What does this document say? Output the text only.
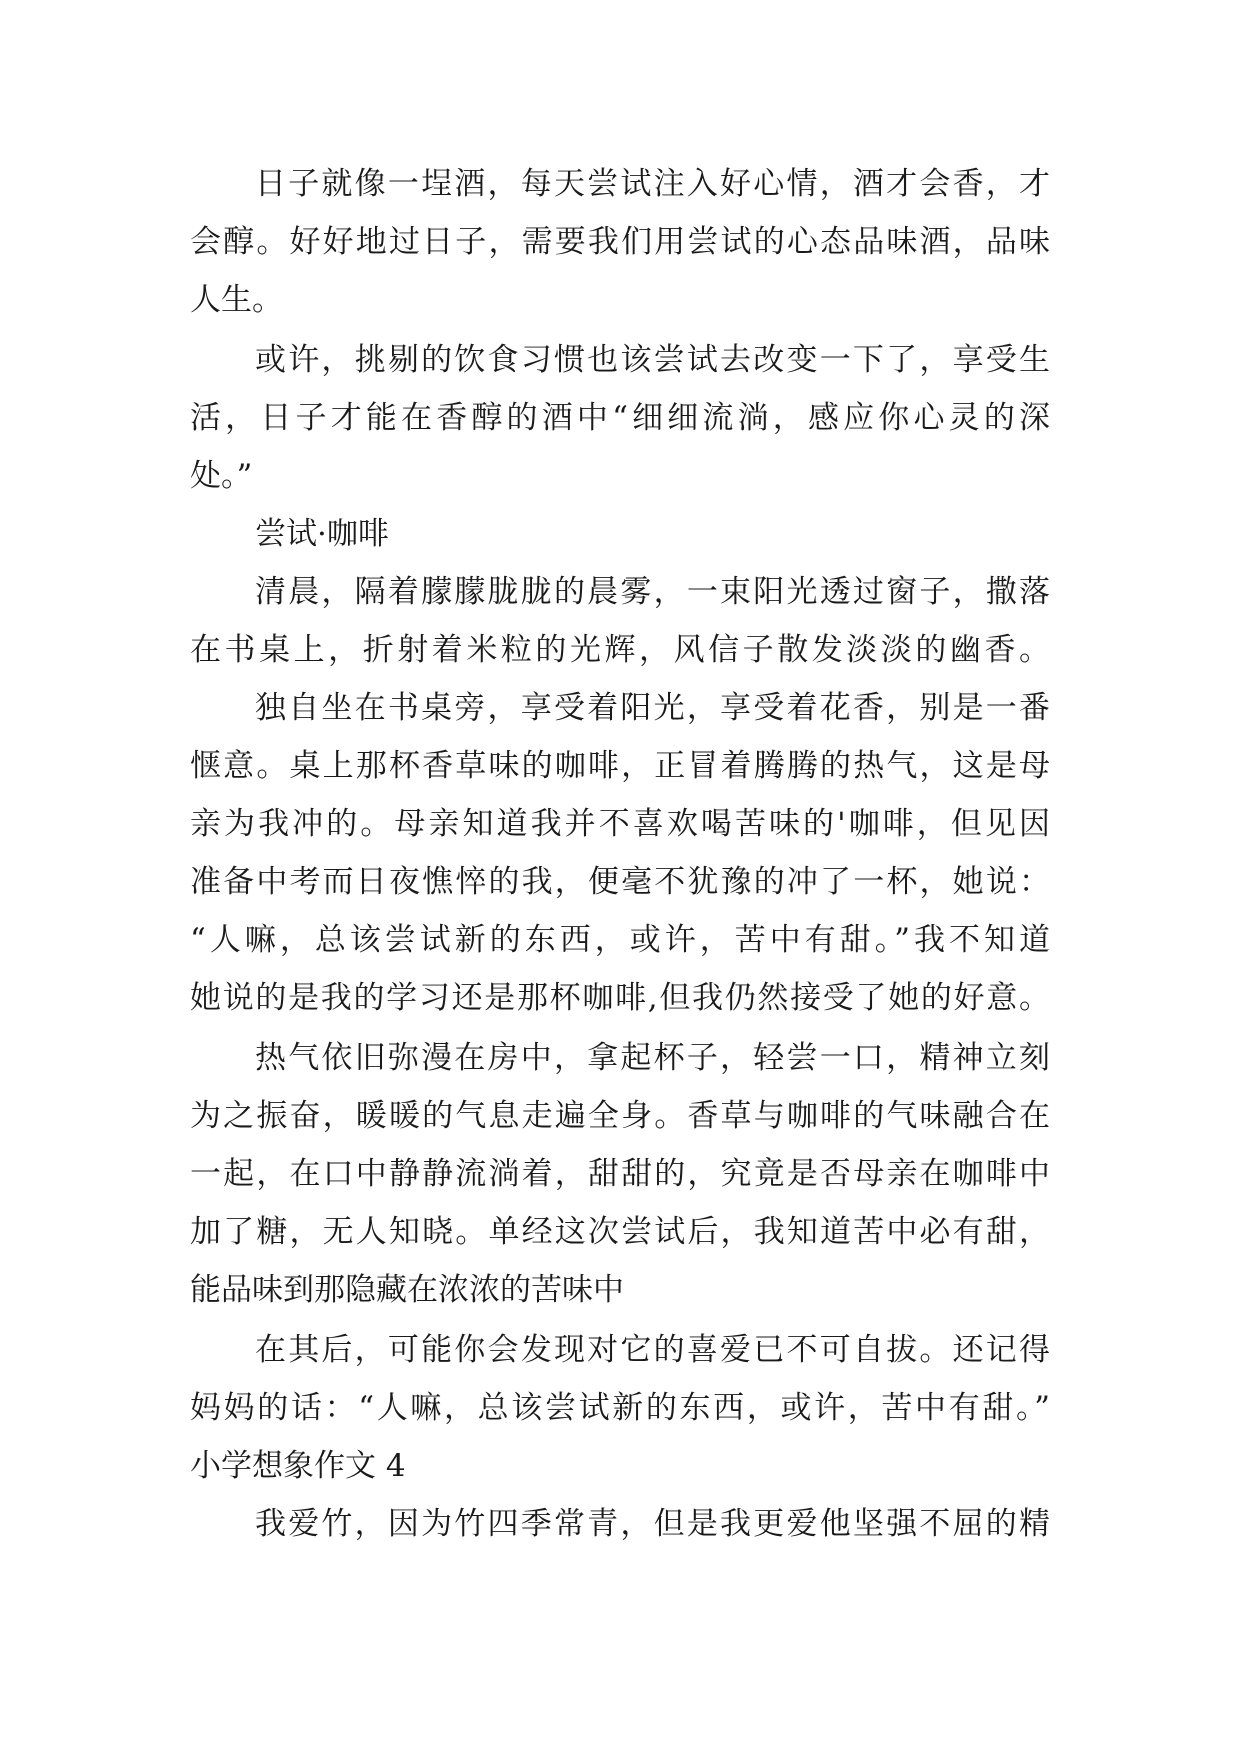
日子就像一埕酒，每天尝试注入好心情，酒才会香，才

会醇。好好地过日子，需要我们用尝试的心态品味酒，品味

人生。

或许，挑剔的饮食习惯也该尝试去改变一下了，享受生

活，日子才能在香醇的酒中“细细流淌，感应你心灵的深

处。”

尝试·咖啡

清晨，隔着朦朦胧胧的晨雾，一束阳光透过窗子，撒落

在书桌上，折射着米粒的光辉，风信子散发淡淡的幽香。

独自坐在书桌旁，享受着阳光，享受着花香，别是一番

惬意。桌上那杯香草味的咖啡，正冒着腾腾的热气，这是母

亲为我冲的。母亲知道我并不喜欢喝苦味的'咖啡，但见因

准备中考而日夜憔悴的我，便毫不犹豫的冲了一杯，她说：

“人嘛，总该尝试新的东西，或许，苦中有甜。”我不知道

她说的是我的学习还是那杯咖啡,但我仍然接受了她的好意。

热气依旧弥漫在房中，拿起杯子，轻尝一口，精神立刻

为之振奋，暖暖的气息走遍全身。香草与咖啡的气味融合在

一起，在口中静静流淌着，甜甜的，究竟是否母亲在咖啡中

加了糖，无人知晓。单经这次尝试后，我知道苦中必有甜，

能品味到那隐藏在浓浓的苦味中

在其后，可能你会发现对它的喜爱已不可自拔。还记得

妈妈的话：“人嘛，总该尝试新的东西，或许，苦中有甜。”

小学想象作文 4

我爱竹，因为竹四季常青，但是我更爱他坚强不屈的精
